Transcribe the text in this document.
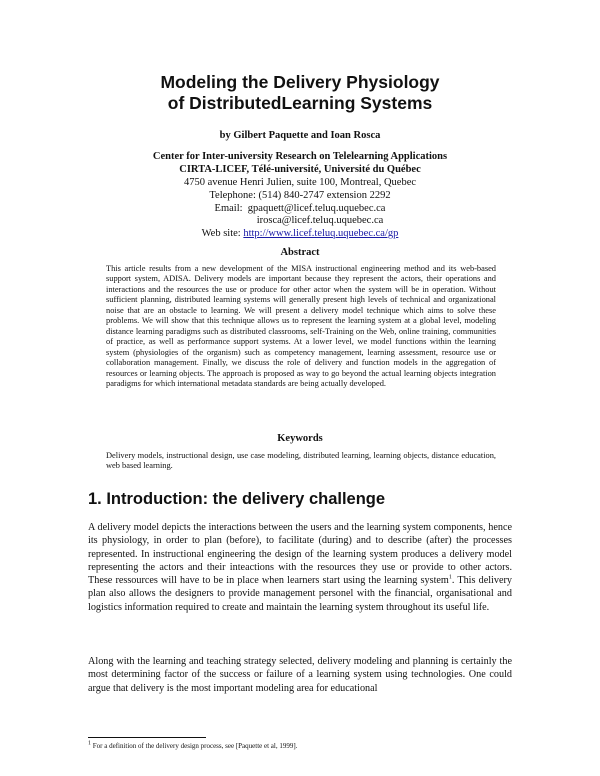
Modeling the Delivery Physiology
of DistributedLearning Systems
by Gilbert Paquette and Ioan Rosca
Center for Inter-university Research on Telelearning Applications
CIRTA-LICEF, Télé-université, Université du Québec
4750 avenue Henri Julien, suite 100, Montreal, Quebec
Telephone: (514) 840-2747 extension 2292
Email: gpaquett@licef.teluq.uquebec.ca
irosca@licef.teluq.uquebec.ca
Web site: http://www.licef.teluq.uquebec.ca/gp
Abstract
This article results from a new development of the MISA instructional engineering method and its web-based support system, ADISA. Delivery models are important because they represent the actors, their operations and interactions and the resources the use or produce for other actor when the system will be in operation. Without sufficient planning, distributed learning systems will generally present high levels of technical and organizational noise that are an obstacle to learning. We will present a delivery model technique which aims to solve these problems. We will show that this technique allows us to represent the learning system at a global level, modeling distance learning paradigms such as distributed classrooms, self-Training on the Web, online training, communities of practice, as well as performance support systems. At a lower level, we model functions within the learning system (physiologies of the organism) such as competency management, learning assessment, resource use or collaboration management. Finally, we discuss the role of delivery and function models in the aggregation of resources or learning objects. The approach is proposed as way to go beyond the actual learning objects integration paradigms for which international metadata standards are being actually developed.
Keywords
Delivery models, instructional design, use case modeling, distributed learning, learning objects, distance education, web based learning.
1. Introduction: the delivery challenge
A delivery model depicts the interactions between the users and the learning system components, hence its physiology, in order to plan (before), to facilitate (during) and to describe (after) the processes represented. In instructional engineering the design of the learning system produces a delivery model representing the actors and their inteactions with the resources they use or provide to other actors. These ressources will have to be in place when learners start using the learning system$^1$. This delivery plan also allows the designers to provide management personel with the financial, organisational and logistics information required to create and maintain the learning system throughout its useful life.
Along with the learning and teaching strategy selected, delivery modeling and planning is certainly the most determining factor of the success or failure of a learning system using technologies. One could argue that delivery is the most important modeling area for educational
$^1$ For a definition of the delivery design process, see [Paquette et al, 1999].
